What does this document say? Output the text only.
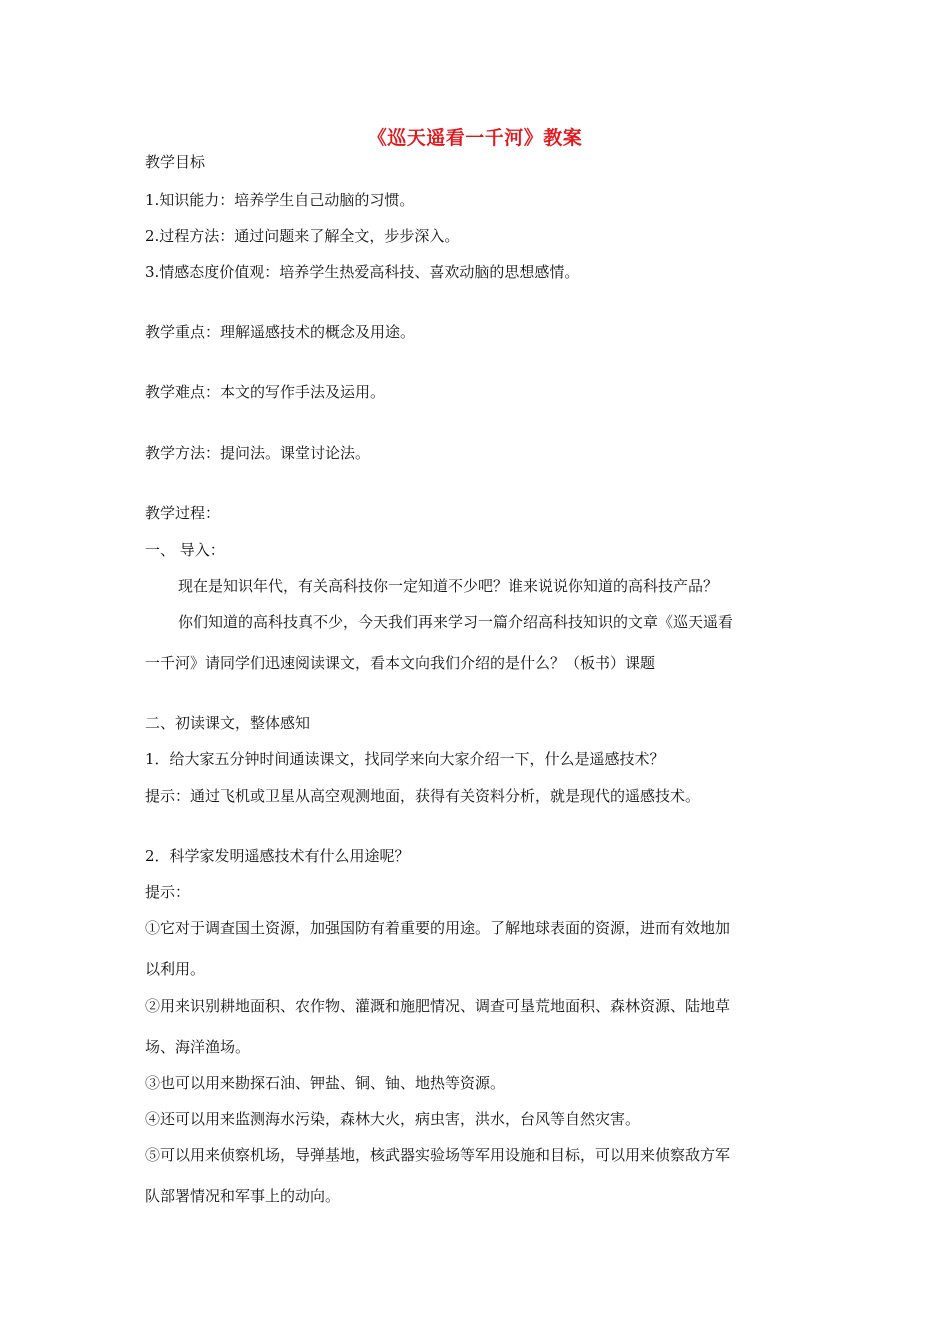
《巡天遥看一千河》教案
教学目标
1.知识能力：培养学生自己动脑的习惯。
2.过程方法：通过问题来了解全文，步步深入。
3.情感态度价值观：培养学生热爱高科技、喜欢动脑的思想感情。
教学重点：理解遥感技术的概念及用途。
教学难点：本文的写作手法及运用。
教学方法：提问法。课堂讨论法。
教学过程：
一、 导入：
现在是知识年代，有关高科技你一定知道不少吧？谁来说说你知道的高科技产品？
你们知道的高科技真不少，今天我们再来学习一篇介绍高科技知识的文章《巡天遥看
一千河》请同学们迅速阅读课文，看本文向我们介绍的是什么？（板书）课题
二、初读课文，整体感知
1．给大家五分钟时间通读课文，找同学来向大家介绍一下，什么是遥感技术？
提示：通过飞机或卫星从高空观测地面，获得有关资料分析，就是现代的遥感技术。
2．科学家发明遥感技术有什么用途呢？
提示：
①它对于调查国土资源，加强国防有着重要的用途。了解地球表面的资源，进而有效地加
以利用。
②用来识别耕地面积、农作物、灌溉和施肥情况、调查可垦荒地面积、森林资源、陆地草
场、海洋渔场。
③也可以用来勘探石油、钾盐、铜、铀、地热等资源。
④还可以用来监测海水污染，森林大火，病虫害，洪水，台风等自然灾害。
⑤可以用来侦察机场，导弹基地，核武器实验场等军用设施和目标，可以用来侦察敌方军
队部署情况和军事上的动向。
